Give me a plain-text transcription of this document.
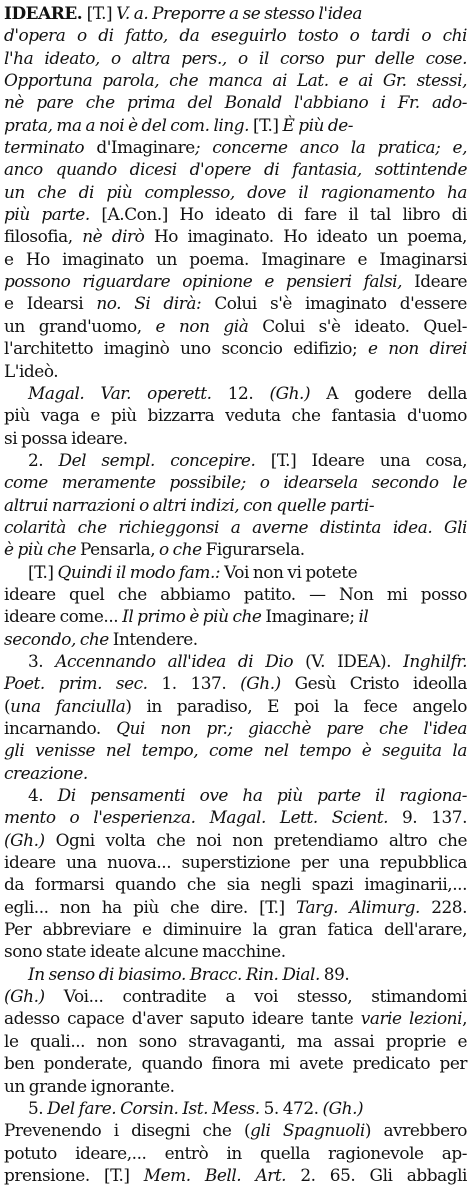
IDEARE. [T.] V. a. Preporre a se stesso l'idea
d'opera o di fatto, da eseguirlo tosto o tardi o chi
l'ha ideato, o altra pers., o il corso pur delle cose.
Opportuna parola, che manca ai Lat. e ai Gr. stessi,
nè pare che prima del Bonald l'abbiano i Fr. ado-
prata, ma a noi è del com. ling. [T.] È più de-
terminato d'Imaginare; concerne anco la pratica; e,
anco quando dicesi d'opere di fantasia, sottintende
un che di più complesso, dove il ragionamento ha
più parte. [A.Con.] Ho ideato di fare il tal libro di
filosofia, nè dirò Ho imaginato. Ho ideato un poema,
e Ho imaginato un poema. Imaginare e Imaginarsi
possono riguardare opinione e pensieri falsi, Ideare
e Idearsi no. Si dirà: Colui s'è imaginato d'essere
un grand'uomo, e non già Colui s'è ideato. Quel-
l'architetto imaginò uno sconcio edifizio; e non direi
L'ideò.
Magal. Var. operett. 12. (Gh.) A godere della
più vaga e più bizzarra veduta che fantasia d'uomo
si possa ideare.
2. Del sempl. concepire. [T.] Ideare una cosa,
come meramente possibile; o idearsela secondo le
altrui narrazioni o altri indizi, con quelle parti-
colarità che richieggonsi a averne distinta idea. Gli
è più che Pensarla, o che Figurarsela.
[T.] Quindi il modo fam.: Voi non vi potete
ideare quel che abbiamo patito. — Non mi posso
ideare come... Il primo è più che Imaginare; il
secondo, che Intendere.
3. Accennando all'idea di Dio (V. IDEA). Inghilfr.
Poet. prim. sec. 1. 137. (Gh.) Gesù Cristo ideolla
(una fanciulla) in paradiso, E poi la fece angelo
incarnando. Qui non pr.; giacchè pare che l'idea
gli venisse nel tempo, come nel tempo è seguita la
creazione.
4. Di pensamenti ove ha più parte il ragiona-
mento o l'esperienza. Magal. Lett. Scient. 9. 137.
(Gh.) Ogni volta che noi non pretendiamo altro che
ideare una nuova... superstizione per una repubblica
da formarsi quando che sia negli spazi imaginarii,...
egli... non ha più che dire. [T.] Targ. Alimurg. 228.
Per abbreviare e diminuire la gran fatica dell'arare,
sono state ideate alcune macchine.
In senso di biasimo. Bracc. Rin. Dial. 89.
(Gh.) Voi... contradite a voi stesso, stimandomi
adesso capace d'aver saputo ideare tante varie lezioni,
le quali... non sono stravaganti, ma assai proprie e
ben ponderate, quando finora mi avete predicato per
un grande ignorante.
5. Del fare. Corsin. Ist. Mess. 5. 472. (Gh.)
Prevenendo i disegni che (gli Spagnuoli) avrebbero
potuto ideare,... entrò in quella ragionevole ap-
prensione. [T.] Mem. Bell. Art. 2. 65. Gli abbagli
